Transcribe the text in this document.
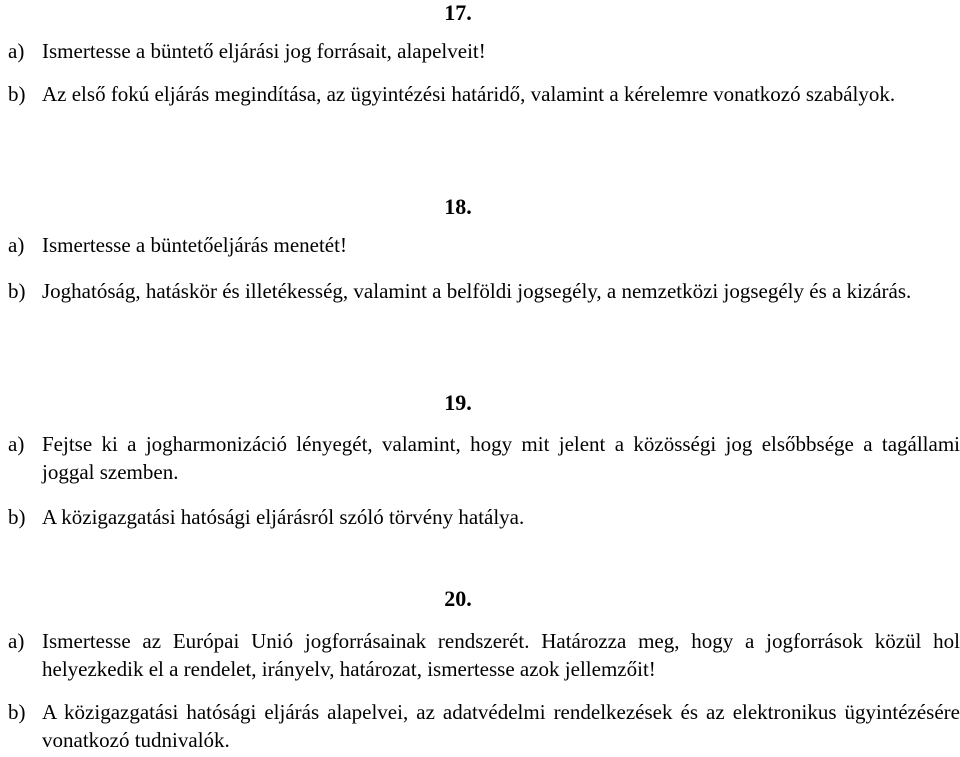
17.
a) Ismertesse a büntető eljárási jog forrásait, alapelveit!
b) Az első fokú eljárás megindítása, az ügyintézési határidő, valamint a kérelemre vonatkozó szabályok.
18.
a) Ismertesse a büntetőeljárás menetét!
b) Joghatóság, hatáskör és illetékesség, valamint a belföldi jogsegély, a nemzetközi jogsegély és a kizárás.
19.
a) Fejtse ki a jogharmonizáció lényegét, valamint, hogy mit jelent a közösségi jog elsőbbsége a tagállami joggal szemben.
b) A közigazgatási hatósági eljárásról szóló törvény hatálya.
20.
a) Ismertesse az Európai Unió jogforrásainak rendszerét. Határozza meg, hogy a jogforrások közül hol helyezkedik el a rendelet, irányelv, határozat, ismertesse azok jellemzőit!
b) A közigazgatási hatósági eljárás alapelvei, az adatvédelmi rendelkezések és az elektronikus ügyintézésére vonatkozó tudnivalók.
